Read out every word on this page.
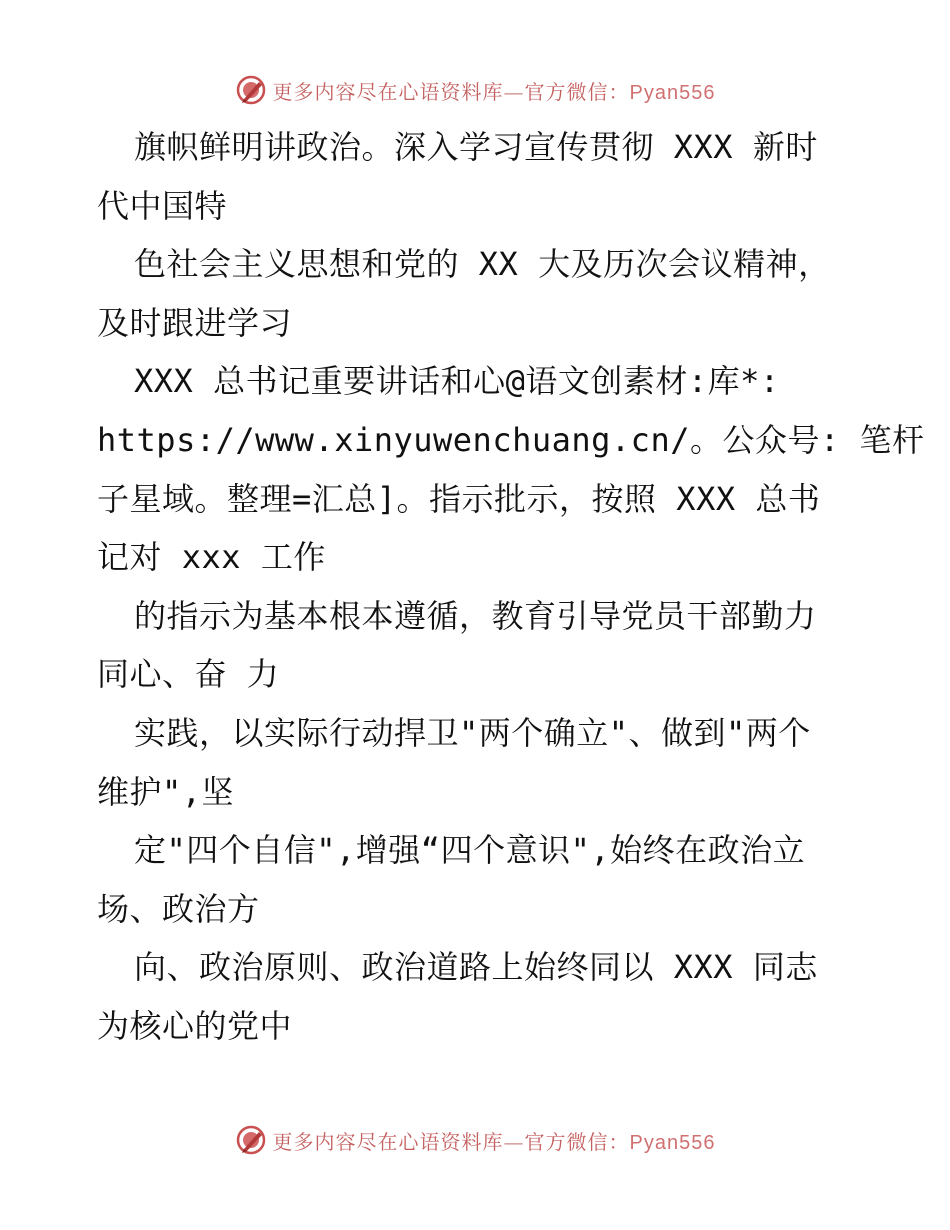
更多内容尽在心语资料库—官方微信：Pyan556
旗帜鲜明讲政治。深入学习宣传贯彻 XXX 新时
代中国特
色社会主义思想和党的 XX 大及历次会议精神，
及时跟进学习
XXX 总书记重要讲话和心@语文创素材:库*:
https://www.xinyuwenchuang.cn/。公众号: 笔杆
子星域。整理=汇总]。指示批示，按照 XXX 总书
记对 xxx 工作
的指示为基本根本遵循，教育引导党员干部勤力
同心、奋 力
实践，以实际行动捍卫"两个确立"、做到"两个
维护",坚
定"四个自信",增强“四个意识",始终在政治立
场、政治方
向、政治原则、政治道路上始终同以 XXX 同志
为核心的党中
更多内容尽在心语资料库—官方微信：Pyan556
